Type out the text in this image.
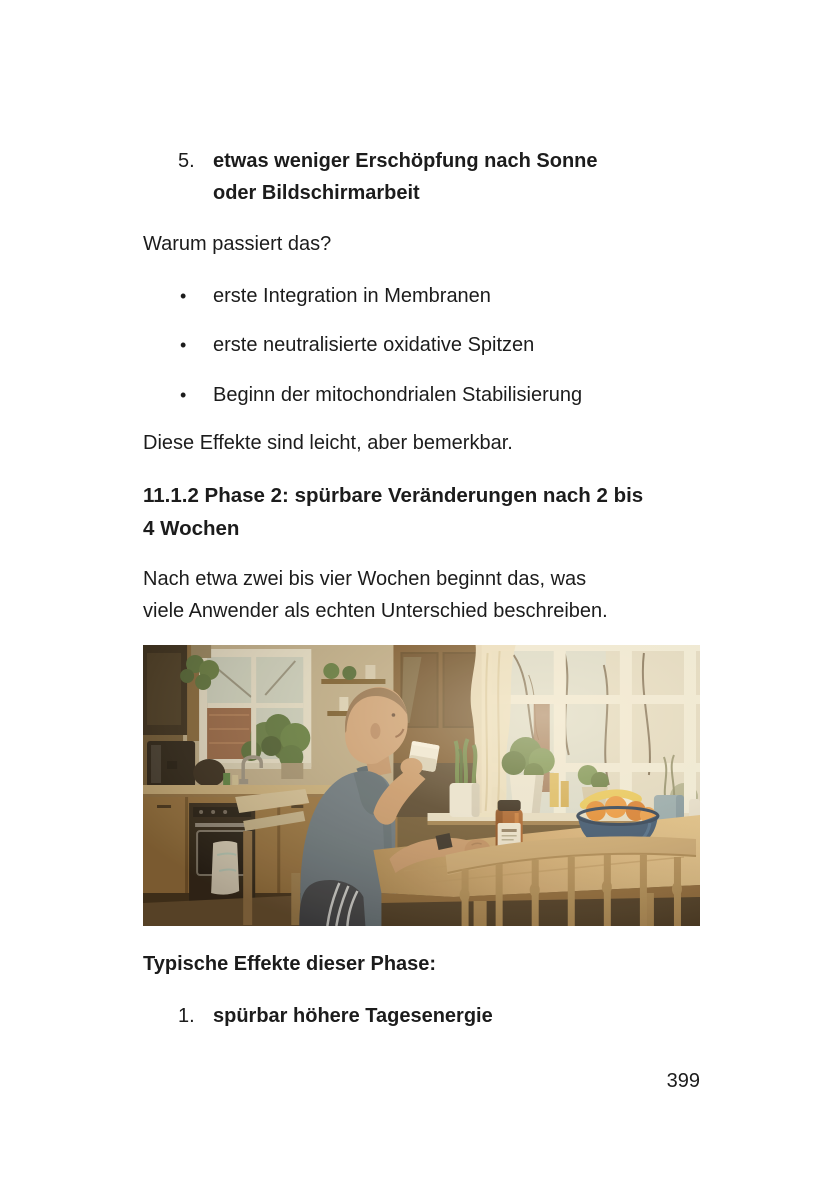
5. etwas weniger Erschöpfung nach Sonne
oder Bildschirmarbeit

Warum passiert das?

•	erste Integration in Membranen
•	erste neutralisierte oxidative Spitzen
•	Beginn der mitochondrialen Stabilisierung

Diese Effekte sind leicht, aber bemerkbar.

11.1.2 Phase 2: spürbare Veränderungen nach 2 bis
4 Wochen

Nach etwa zwei bis vier Wochen beginnt das, was
viele Anwender als echten Unterschied beschreiben.

Typische Effekte dieser Phase:

1. spürbar höhere Tagesenergie
399
